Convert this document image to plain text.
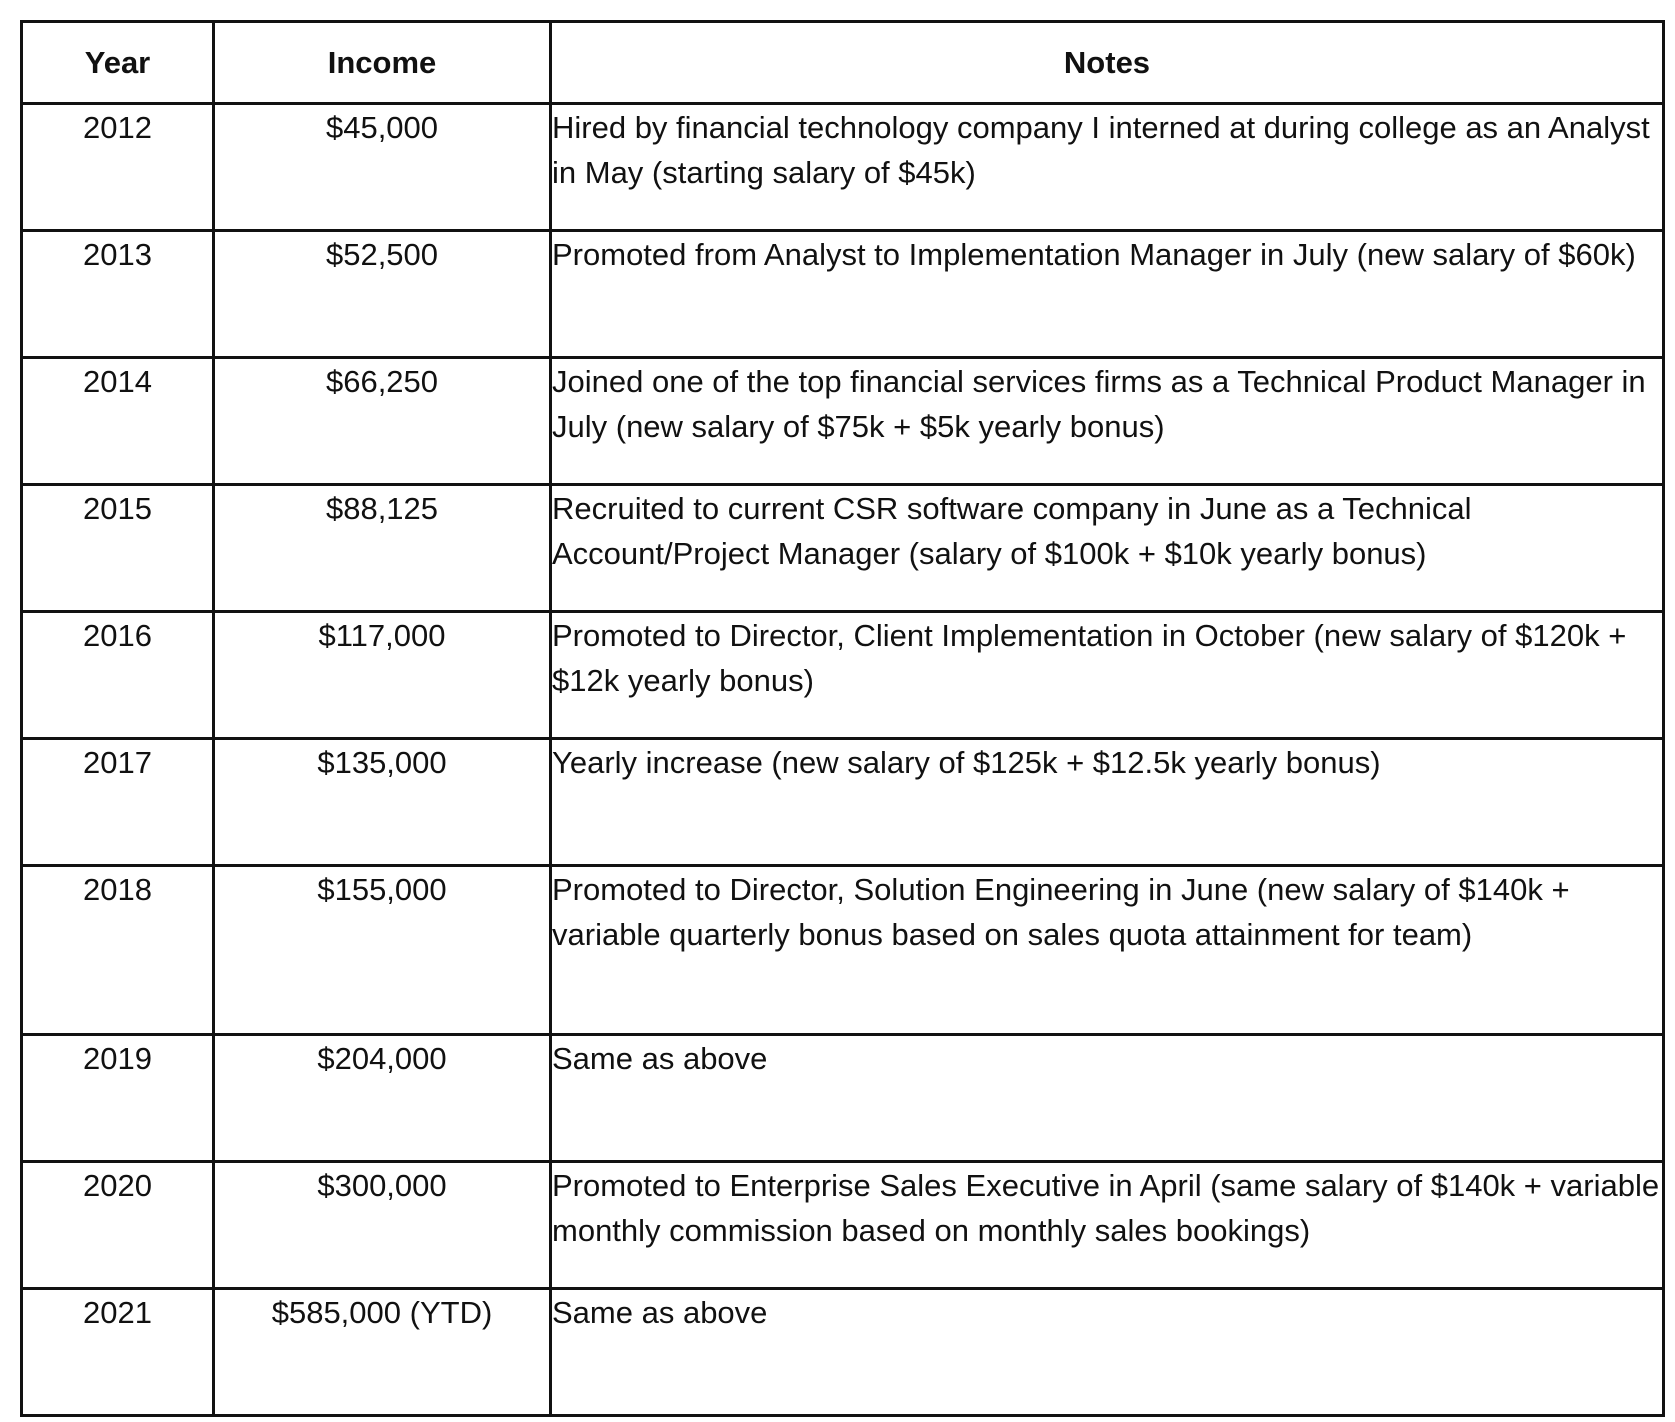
Year	Income	Notes
2012	$45,000	Hired by financial technology company I interned at during college as an Analyst in May (starting salary of $45k)
2013	$52,500	Promoted from Analyst to Implementation Manager in July (new salary of $60k)
2014	$66,250	Joined one of the top financial services firms as a Technical Product Manager in July (new salary of $75k + $5k yearly bonus)
2015	$88,125	Recruited to current CSR software company in June as a Technical Account/Project Manager (salary of $100k + $10k yearly bonus)
2016	$117,000	Promoted to Director, Client Implementation in October (new salary of $120k + $12k yearly bonus)
2017	$135,000	Yearly increase (new salary of $125k + $12.5k yearly bonus)
2018	$155,000	Promoted to Director, Solution Engineering in June (new salary of $140k + variable quarterly bonus based on sales quota attainment for team)
2019	$204,000	Same as above
2020	$300,000	Promoted to Enterprise Sales Executive in April (same salary of $140k + variable monthly commission based on monthly sales bookings)
2021	$585,000 (YTD)	Same as above
